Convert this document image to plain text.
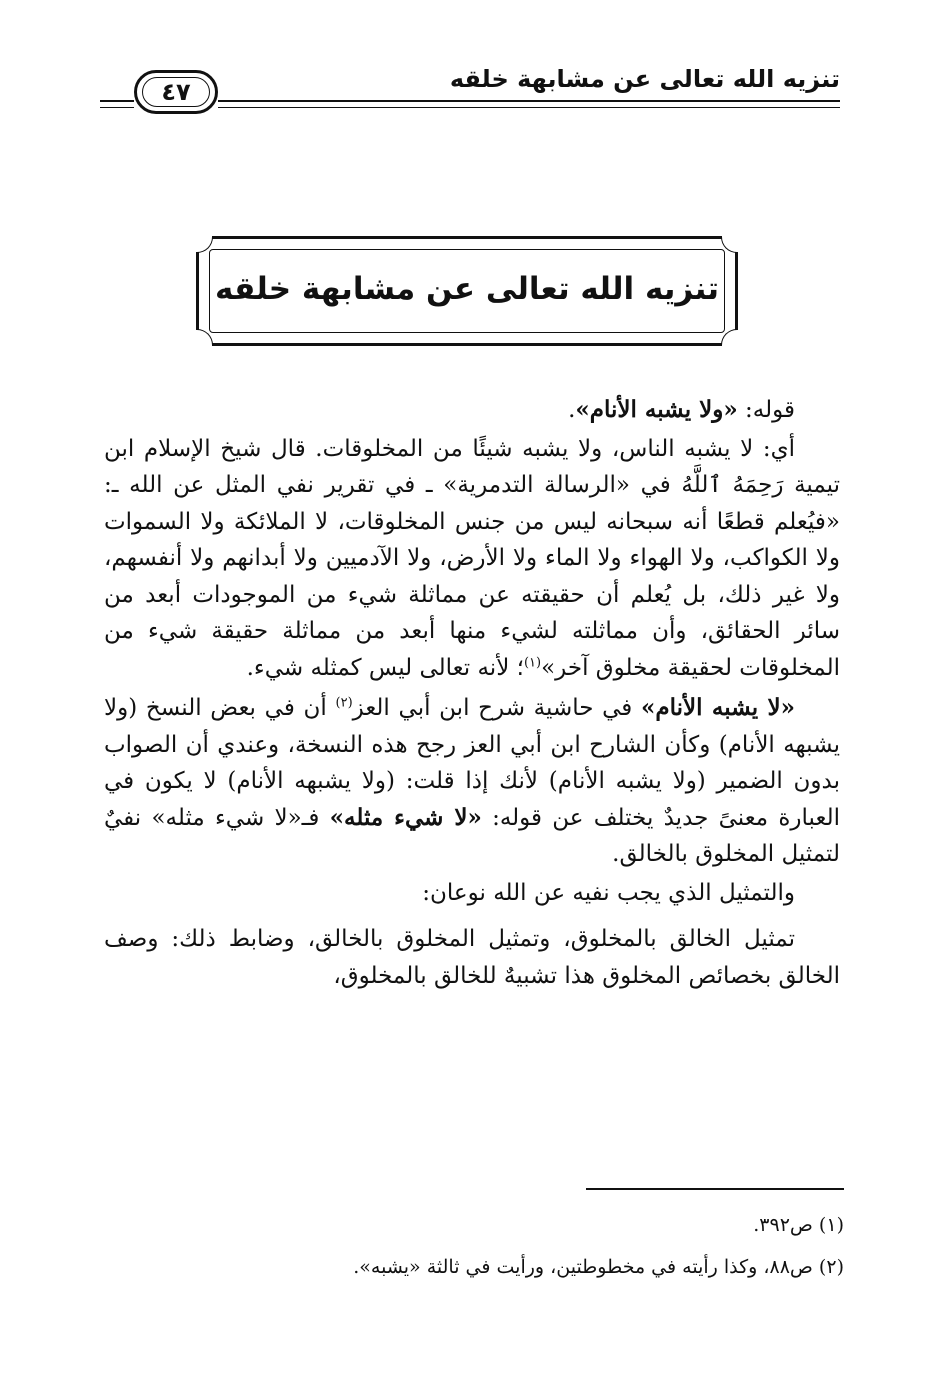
تنزيه الله تعالى عن مشابهة خلقه
٤٧
تنزيه الله تعالى عن مشابهة خلقه

قوله: «ولا يشبه الأنام».

أي: لا يشبه الناس، ولا يشبه شيئًا من المخلوقات. قال شيخ الإسلام ابن تيمية رَحِمَهُ ٱللَّهُ في «الرسالة التدمرية» ـ في تقرير نفي المثل عن الله ـ: «فيُعلم قطعًا أنه سبحانه ليس من جنس المخلوقات، لا الملائكة ولا السموات ولا الكواكب، ولا الهواء ولا الماء ولا الأرض، ولا الآدميين ولا أبدانهم ولا أنفسهم، ولا غير ذلك، بل يُعلم أن حقيقته عن مماثلة شيء من الموجودات أبعد من سائر الحقائق، وأن مماثلته لشيء منها أبعد من مماثلة حقيقة شيء من المخلوقات لحقيقة مخلوق آخر»$^{(١)}$؛ لأنه تعالى ليس كمثله شيء.

«لا يشبه الأنام» في حاشية شرح ابن أبي العز$^{(٢)}$ أن في بعض النسخ (ولا يشبهه الأنام) وكأن الشارح ابن أبي العز رجح هذه النسخة، وعندي أن الصواب بدون الضمير (ولا يشبه الأنام) لأنك إذا قلت: (ولا يشبهه الأنام) لا يكون في العبارة معنىً جديدٌ يختلف عن قوله: «لا شيء مثله» فـ«لا شيء مثله» نفيٌ لتمثيل المخلوق بالخالق.

والتمثيل الذي يجب نفيه عن الله نوعان:

تمثيل الخالق بالمخلوق، وتمثيل المخلوق بالخالق، وضابط ذلك: وصف الخالق بخصائص المخلوق هذا تشبيهٌ للخالق بالمخلوق،

(١) ص٣٩٢.

(٢) ص٨٨، وكذا رأيته في مخطوطتين، ورأيت في ثالثة «يشبه».
